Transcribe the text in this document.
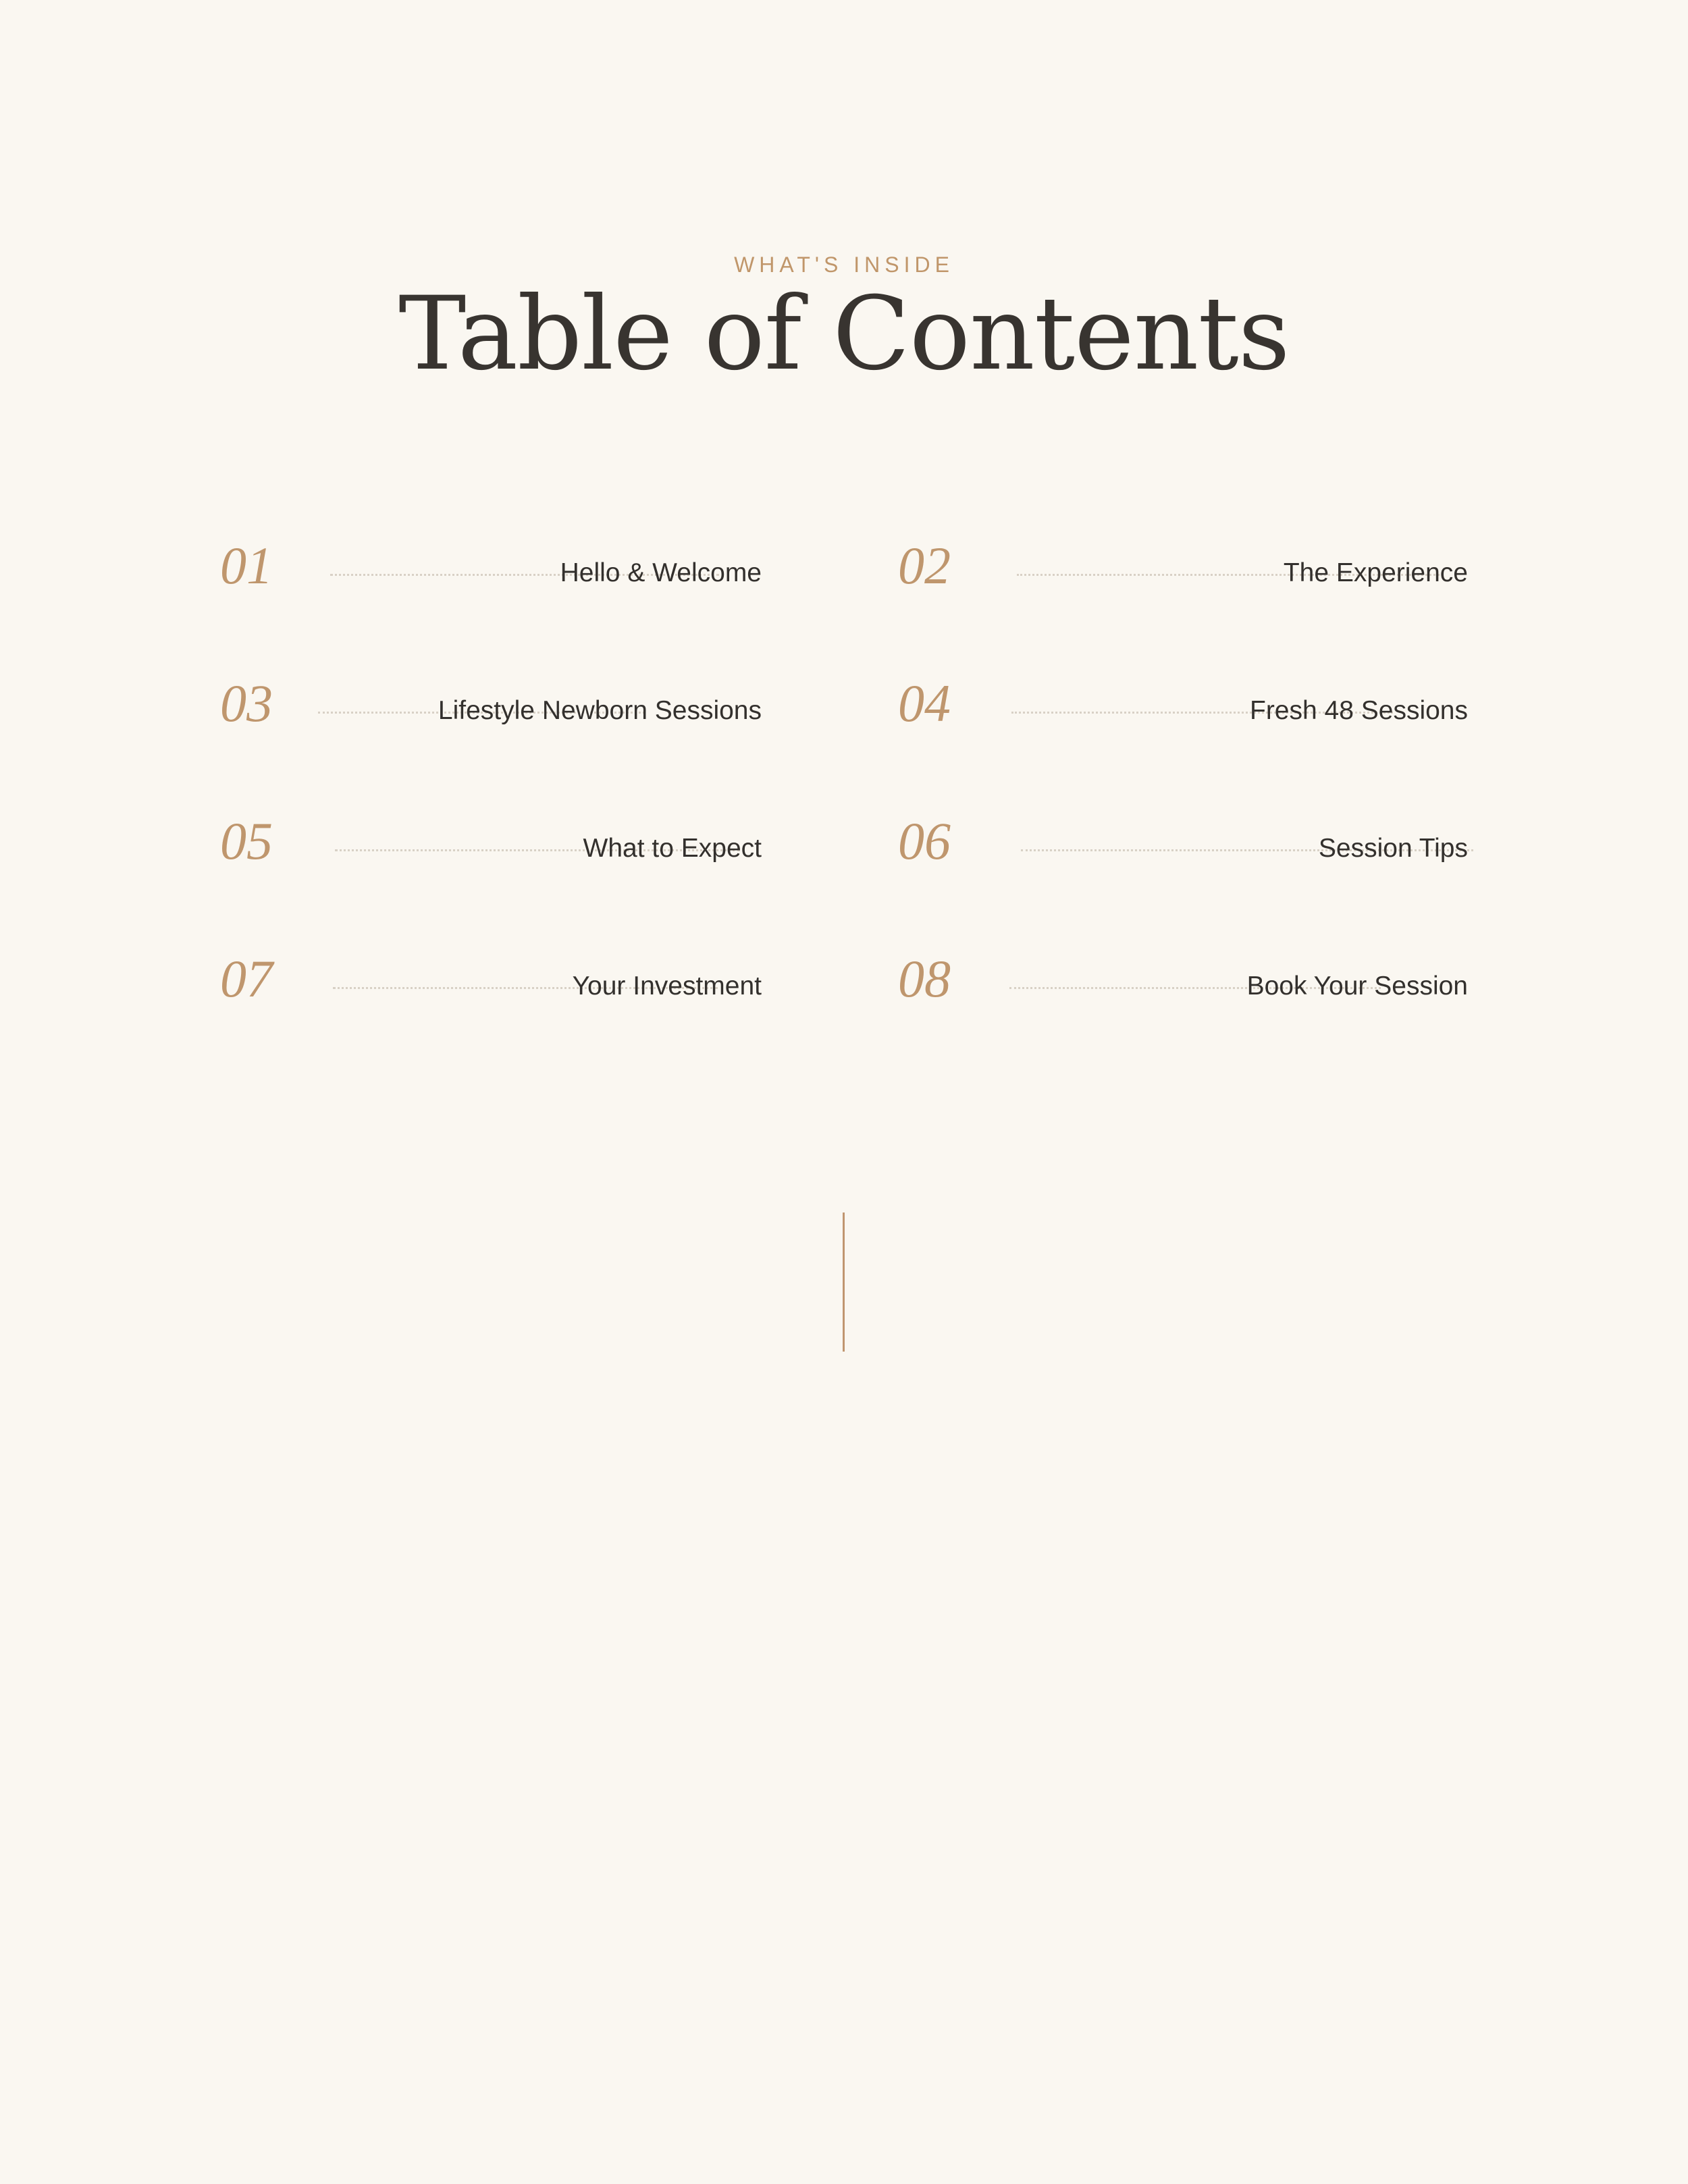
WHAT'S INSIDE
Table of Contents
01	Hello & Welcome	02	The Experience
03	Lifestyle Newborn Sessions	04	Fresh 48 Sessions
05	What to Expect	06	Session Tips
07	Your Investment	08	Book Your Session
